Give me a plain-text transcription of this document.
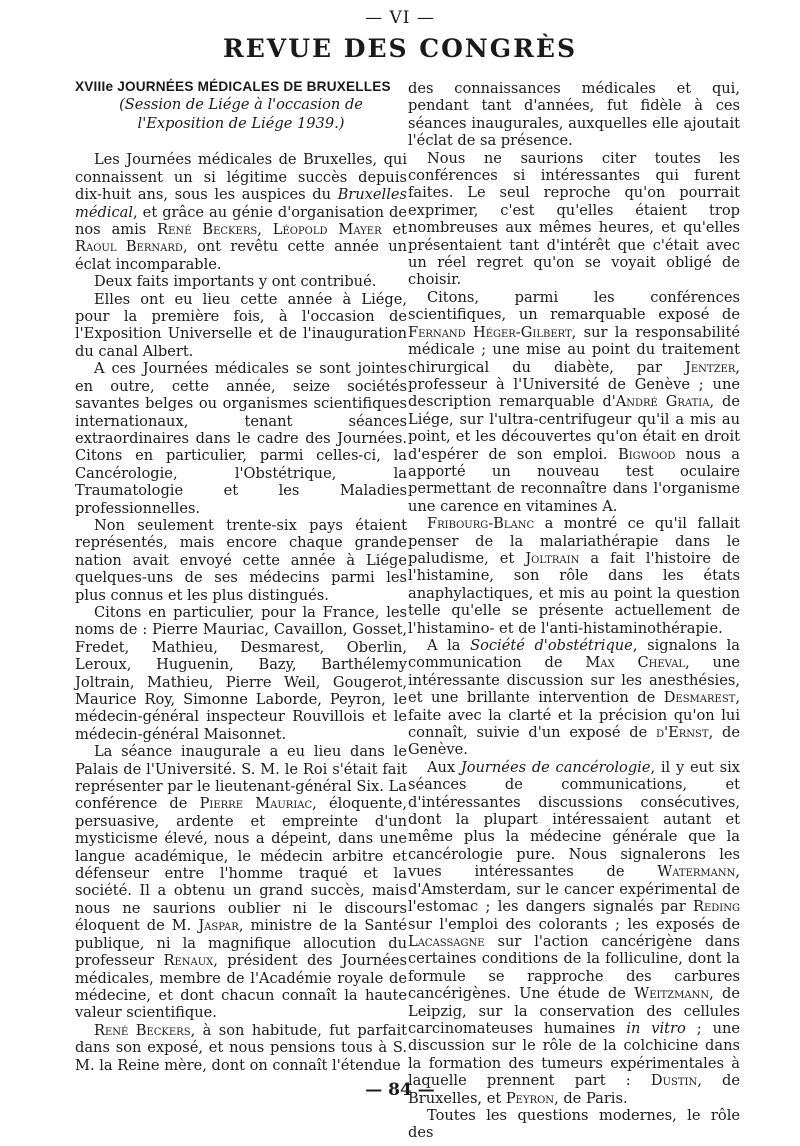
— VI —
REVUE DES CONGRÈS

XVIIIe JOURNÉES MÉDICALES DE BRUXELLES

(Session de Liége à l'occasion de l'Exposition de Liége 1939.)

Les Journées médicales de Bruxelles, qui connaissent un si légitime succès depuis dix-huit ans, sous les auspices du Bruxelles médical, et grâce au génie d'organisation de nos amis René Beckers, Léopold Mayer et Raoul Bernard, ont revêtu cette année un éclat incomparable.

Deux faits importants y ont contribué.

Elles ont eu lieu cette année à Liége, pour la première fois, à l'occasion de l'Exposition Universelle et de l'inauguration du canal Albert.

A ces Journées médicales se sont jointes en outre, cette année, seize sociétés savantes belges ou organismes scientifiques internationaux, tenant séances extraordinaires dans le cadre des Journées. Citons en particulier, parmi celles-ci, la Cancérologie, l'Obstétrique, la Traumatologie et les Maladies professionnelles.

Non seulement trente-six pays étaient représentés, mais encore chaque grande nation avait envoyé cette année à Liége quelques-uns de ses médecins parmi les plus connus et les plus distingués.

Citons en particulier, pour la France, les noms de : Pierre Mauriac, Cavaillon, Gosset, Fredet, Mathieu, Desmarest, Oberlin, Leroux, Huguenin, Bazy, Barthélemy Joltrain, Mathieu, Pierre Weil, Gougerot, Maurice Roy, Simonne Laborde, Peyron, le médecin-général inspecteur Rouvillois et le médecin-général Maisonnet.

La séance inaugurale a eu lieu dans le Palais de l'Université. S. M. le Roi s'était fait représenter par le lieutenant-général Six. La conférence de Pierre Mauriac, éloquente, persuasive, ardente et empreinte d'un mysticisme élevé, nous a dépeint, dans une langue académique, le médecin arbitre et défenseur entre l'homme traqué et la société. Il a obtenu un grand succès, mais nous ne saurions oublier ni le discours éloquent de M. Jaspar, ministre de la Santé publique, ni la magnifique allocution du professeur Renaux, président des Journées médicales, membre de l'Académie royale de médecine, et dont chacun connaît la haute valeur scientifique.

René Beckers, à son habitude, fut parfait dans son exposé, et nous pensions tous à S. M. la Reine mère, dont on connaît l'étendue

des connaissances médicales et qui, pendant tant d'années, fut fidèle à ces séances inaugurales, auxquelles elle ajoutait l'éclat de sa présence.

Nous ne saurions citer toutes les conférences si intéressantes qui furent faites. Le seul reproche qu'on pourrait exprimer, c'est qu'elles étaient trop nombreuses aux mêmes heures, et qu'elles présentaient tant d'intérêt que c'était avec un réel regret qu'on se voyait obligé de choisir.

Citons, parmi les conférences scientifiques, un remarquable exposé de Fernand Héger-Gilbert, sur la responsabilité médicale ; une mise au point du traitement chirurgical du diabète, par Jentzer, professeur à l'Université de Genève ; une description remarquable d'André Gratia, de Liége, sur l'ultra-centrifugeur qu'il a mis au point, et les découvertes qu'on était en droit d'espérer de son emploi. Bigwood nous a apporté un nouveau test oculaire permettant de reconnaître dans l'organisme une carence en vitamines A.

Fribourg-Blanc a montré ce qu'il fallait penser de la malariathérapie dans le paludisme, et Joltrain a fait l'histoire de l'histamine, son rôle dans les états anaphylactiques, et mis au point la question telle qu'elle se présente actuellement de l'histamino- et de l'anti-histaminothérapie.

A la Société d'obstétrique, signalons la communication de Max Cheval, une intéressante discussion sur les anesthésies, et une brillante intervention de Desmarest, faite avec la clarté et la précision qu'on lui connaît, suivie d'un exposé de d'Ernst, de Genève.

Aux Journées de cancérologie, il y eut six séances de communications, et d'intéressantes discussions consécutives, dont la plupart intéressaient autant et même plus la médecine générale que la cancérologie pure. Nous signalerons les vues intéressantes de Watermann, d'Amsterdam, sur le cancer expérimental de l'estomac ; les dangers signalés par Reding sur l'emploi des colorants ; les exposés de Lacassagne sur l'action cancérigène dans certaines conditions de la folliculine, dont la formule se rapproche des carbures cancérigènes. Une étude de Weitzmann, de Leipzig, sur la conservation des cellules carcinomateuses humaines in vitro ; une discussion sur le rôle de la colchicine dans la formation des tumeurs expérimentales à laquelle prennent part : Dustin, de Bruxelles, et Peyron, de Paris.

Toutes les questions modernes, le rôle des

— 84 —
